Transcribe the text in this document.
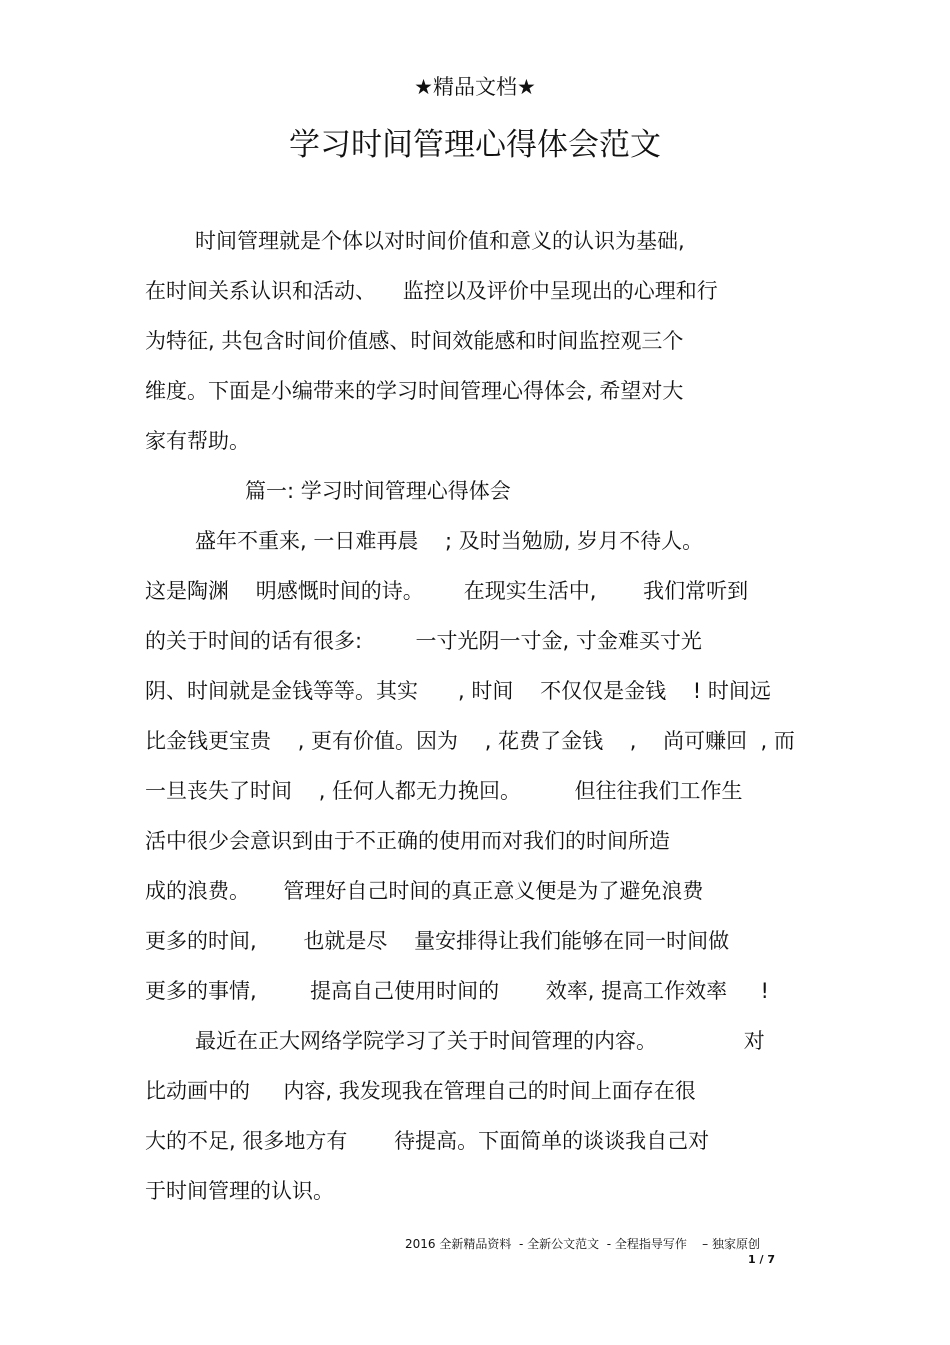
★精品文档★
学习时间管理心得体会范文
时间管理就是个体以对时间价值和意义的认识为基础,
在时间关系认识和活动、    监控以及评价中呈现出的心理和行
为特征, 共包含时间价值感、时间效能感和时间监控观三个
维度。下面是小编带来的学习时间管理心得体会, 希望对大
家有帮助。
篇一: 学习时间管理心得体会
盛年不重来, 一日难再晨    ; 及时当勉励, 岁月不待人。
这是陶渊    明感慨时间的诗。      在现实生活中,       我们常听到
的关于时间的话有很多:        一寸光阴一寸金, 寸金难买寸光
阴、时间就是金钱等等。其实      , 时间    不仅仅是金钱    ! 时间远
比金钱更宝贵    , 更有价值。因为    , 花费了金钱    ,    尚可赚回  , 而
一旦丧失了时间    , 任何人都无力挽回。        但往往我们工作生
活中很少会意识到由于不正确的使用而对我们的时间所造
成的浪费。     管理好自己时间的真正意义便是为了避免浪费
更多的时间,       也就是尽    量安排得让我们能够在同一时间做
更多的事情,        提高自己使用时间的       效率, 提高工作效率     !
最近在正大网络学院学习了关于时间管理的内容。             对
比动画中的     内容, 我发现我在管理自己的时间上面存在很
大的不足, 很多地方有       待提高。下面简单的谈谈我自己对
于时间管理的认识。
2016 全新精品资料  - 全新公文范文  - 全程指导写作    – 独家原创
1 / 7
